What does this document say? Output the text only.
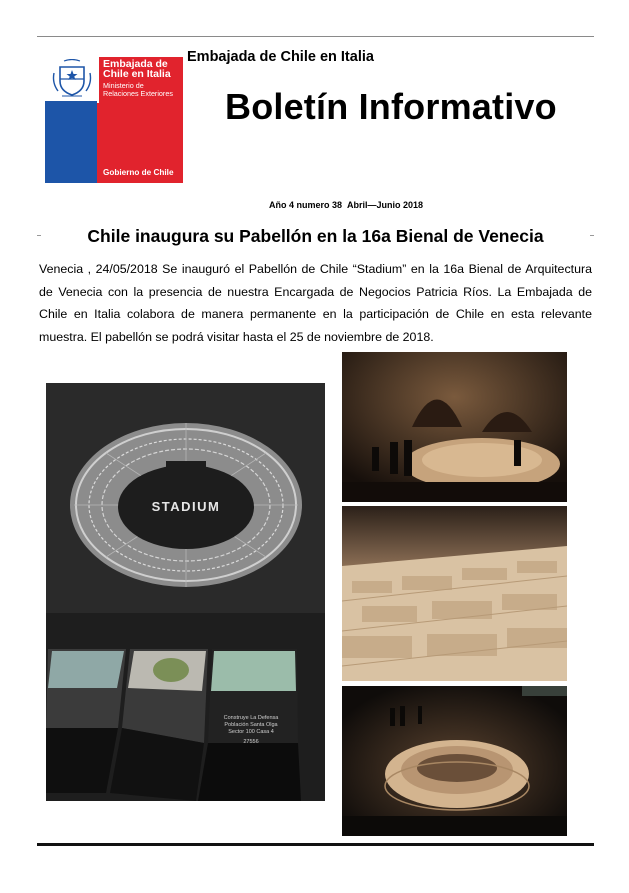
Embajada de
Chile en Italia
Ministerio de
Relaciones Exteriores
Gobierno de Chile
Embajada de Chile en Italia
Boletín Informativo
Año 4 numero 38 Abril—Junio 2018
Chile inaugura su Pabellón en la 16a Bienal de Venecia
Venecia , 24/05/2018 Se inauguró el Pabellón de Chile “Stadium” en la 16a Bienal de Arquitectura de Venecia con la presencia de nuestra Encargada de Negocios Patricia Ríos. La Embajada de Chile en Italia colabora de manera permanente en la participación de Chile en esta relevante muestra. El pabellón se podrá visitar hasta el 25 de noviembre de 2018.
STADIUM
Construye La Defensa
Población Santa Olga
Sector 100 Casa 4
27556
